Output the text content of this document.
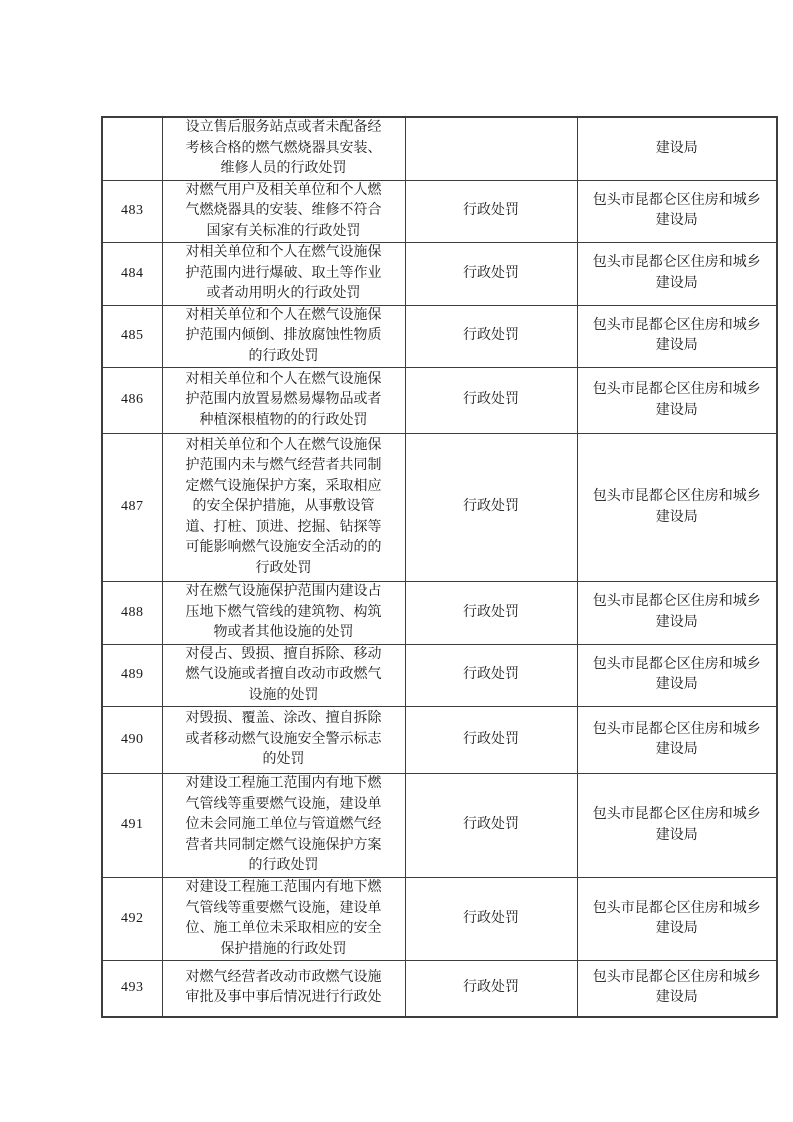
	设立售后服务站点或者未配备经考核合格的燃气燃烧器具安装、维修人员的行政处罚		建设局

483	对燃气用户及相关单位和个人燃气燃烧器具的安装、维修不符合国家有关标准的行政处罚	行政处罚	包头市昆都仑区住房和城乡建设局

484	对相关单位和个人在燃气设施保护范围内进行爆破、取土等作业或者动用明火的行政处罚	行政处罚	包头市昆都仑区住房和城乡建设局

485	对相关单位和个人在燃气设施保护范围内倾倒、排放腐蚀性物质的行政处罚	行政处罚	包头市昆都仑区住房和城乡建设局

486	对相关单位和个人在燃气设施保护范围内放置易燃易爆物品或者种植深根植物的的行政处罚	行政处罚	包头市昆都仑区住房和城乡建设局

487	对相关单位和个人在燃气设施保护范围内未与燃气经营者共同制定燃气设施保护方案，采取相应的安全保护措施，从事敷设管道、打桩、顶进、挖掘、钻探等可能影响燃气设施安全活动的的行政处罚	行政处罚	包头市昆都仑区住房和城乡建设局

488	对在燃气设施保护范围内建设占压地下燃气管线的建筑物、构筑物或者其他设施的处罚	行政处罚	包头市昆都仑区住房和城乡建设局

489	对侵占、毁损、擅自拆除、移动燃气设施或者擅自改动市政燃气设施的处罚	行政处罚	包头市昆都仑区住房和城乡建设局

490	对毁损、覆盖、涂改、擅自拆除或者移动燃气设施安全警示标志的处罚	行政处罚	包头市昆都仑区住房和城乡建设局

491	对建设工程施工范围内有地下燃气管线等重要燃气设施，建设单位未会同施工单位与管道燃气经营者共同制定燃气设施保护方案的行政处罚	行政处罚	包头市昆都仑区住房和城乡建设局

492	对建设工程施工范围内有地下燃气管线等重要燃气设施，建设单位、施工单位未采取相应的安全保护措施的行政处罚	行政处罚	包头市昆都仑区住房和城乡建设局

493	对燃气经营者改动市政燃气设施审批及事中事后情况进行行政处	行政处罚	包头市昆都仑区住房和城乡建设局
